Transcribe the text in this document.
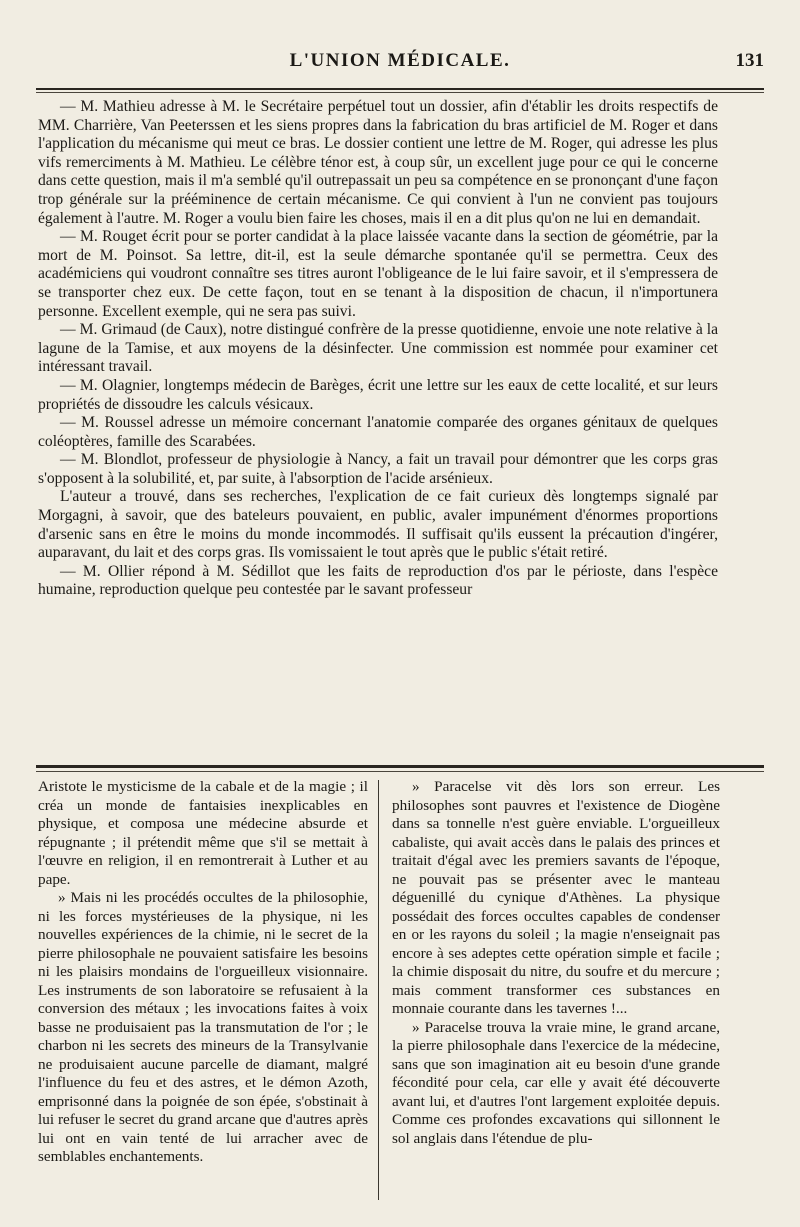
L'UNION MÉDICALE.	131

— M. Mathieu adresse à M. le Secrétaire perpétuel tout un dossier, afin d'établir les droits respectifs de MM. Charrière, Van Peeterssen et les siens propres dans la fabrication du bras artificiel de M. Roger et dans l'application du mécanisme qui meut ce bras. Le dossier contient une lettre de M. Roger, qui adresse les plus vifs remerciments à M. Mathieu. Le célèbre ténor est, à coup sûr, un excellent juge pour ce qui le concerne dans cette question, mais il m'a semblé qu'il outrepassait un peu sa compétence en se prononçant d'une façon trop générale sur la prééminence de certain mécanisme. Ce qui convient à l'un ne convient pas toujours également à l'autre. M. Roger a voulu bien faire les choses, mais il en a dit plus qu'on ne lui en demandait.

— M. Rouget écrit pour se porter candidat à la place laissée vacante dans la section de géométrie, par la mort de M. Poinsot. Sa lettre, dit-il, est la seule démarche spontanée qu'il se permettra. Ceux des académiciens qui voudront connaître ses titres auront l'obligeance de le lui faire savoir, et il s'empressera de se transporter chez eux. De cette façon, tout en se tenant à la disposition de chacun, il n'importunera personne. Excellent exemple, qui ne sera pas suivi.

— M. Grimaud (de Caux), notre distingué confrère de la presse quotidienne, envoie une note relative à la lagune de la Tamise, et aux moyens de la désinfecter. Une commission est nommée pour examiner cet intéressant travail.

— M. Olagnier, longtemps médecin de Barèges, écrit une lettre sur les eaux de cette localité, et sur leurs propriétés de dissoudre les calculs vésicaux.

— M. Roussel adresse un mémoire concernant l'anatomie comparée des organes génitaux de quelques coléoptères, famille des Scarabées.

— M. Blondlot, professeur de physiologie à Nancy, a fait un travail pour démontrer que les corps gras s'opposent à la solubilité, et, par suite, à l'absorption de l'acide arsénieux.

L'auteur a trouvé, dans ses recherches, l'explication de ce fait curieux dès longtemps signalé par Morgagni, à savoir, que des bateleurs pouvaient, en public, avaler impunément d'énormes proportions d'arsenic sans en être le moins du monde incommodés. Il suffisait qu'ils eussent la précaution d'ingérer, auparavant, du lait et des corps gras. Ils vomissaient le tout après que le public s'était retiré.

— M. Ollier répond à M. Sédillot que les faits de reproduction d'os par le périoste, dans l'espèce humaine, reproduction quelque peu contestée par le savant professeur

Aristote le mysticisme de la cabale et de la magie ; il créa un monde de fantaisies inexplicables en physique, et composa une médecine absurde et répugnante ; il prétendit même que s'il se mettait à l'œuvre en religion, il en remontrerait à Luther et au pape.

» Mais ni les procédés occultes de la philosophie, ni les forces mystérieuses de la physique, ni les nouvelles expériences de la chimie, ni le secret de la pierre philosophale ne pouvaient satisfaire les besoins ni les plaisirs mondains de l'orgueilleux visionnaire. Les instruments de son laboratoire se refusaient à la conversion des métaux ; les invocations faites à voix basse ne produisaient pas la transmutation de l'or ; le charbon ni les secrets des mineurs de la Transylvanie ne produisaient aucune parcelle de diamant, malgré l'influence du feu et des astres, et le démon Azoth, emprisonné dans la poignée de son épée, s'obstinait à lui refuser le secret du grand arcane que d'autres après lui ont en vain tenté de lui arracher avec de semblables enchantements.

» Paracelse vit dès lors son erreur. Les philosophes sont pauvres et l'existence de Diogène dans sa tonnelle n'est guère enviable. L'orgueilleux cabaliste, qui avait accès dans le palais des princes et traitait d'égal avec les premiers savants de l'époque, ne pouvait pas se présenter avec le manteau déguenillé du cynique d'Athènes. La physique possédait des forces occultes capables de condenser en or les rayons du soleil ; la magie n'enseignait pas encore à ses adeptes cette opération simple et facile ; la chimie disposait du nitre, du soufre et du mercure ; mais comment transformer ces substances en monnaie courante dans les tavernes !...

» Paracelse trouva la vraie mine, le grand arcane, la pierre philosophale dans l'exercice de la médecine, sans que son imagination ait eu besoin d'une grande fécondité pour cela, car elle y avait été découverte avant lui, et d'autres l'ont largement exploitée depuis. Comme ces profondes excavations qui sillonnent le sol anglais dans l'étendue de plu-
